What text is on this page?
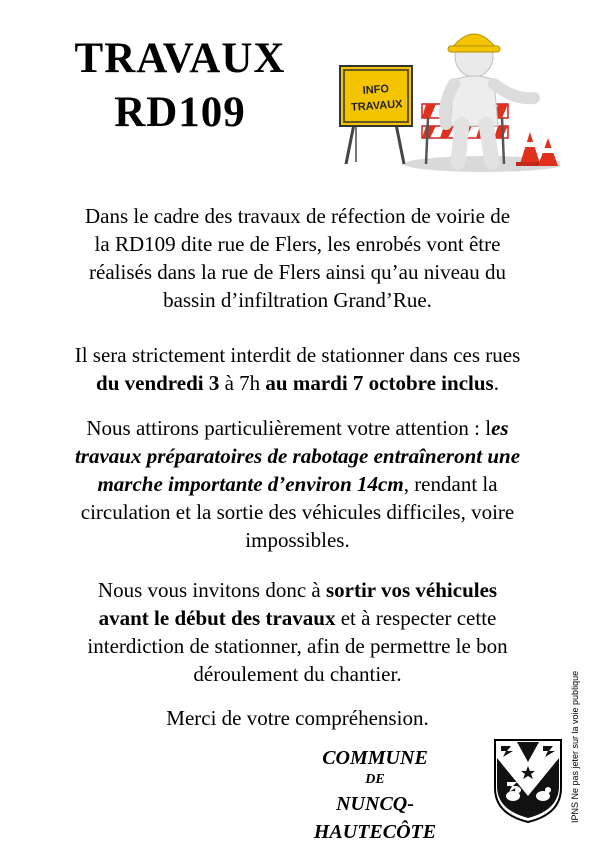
TRAVAUX
RD109	INFO
TRAVAUX
Dans le cadre des travaux de réfection de voirie de
la RD109 dite rue de Flers, les enrobés vont être
réalisés dans la rue de Flers ainsi qu’au niveau du
bassin d’infiltration Grand’Rue.
Il sera strictement interdit de stationner dans ces rues
du vendredi 3 à 7h au mardi 7 octobre inclus.
Nous attirons particulièrement votre attention : les
travaux préparatoires de rabotage entraîneront une
marche importante d’environ 14cm, rendant la
circulation et la sortie des véhicules difficiles, voire
impossibles.
Nous vous invitons donc à sortir vos véhicules
avant le début des travaux et à respecter cette
interdiction de stationner, afin de permettre le bon
déroulement du chantier.
Merci de votre compréhension.
COMMUNE
DE
NUNCQ-HAUTECÔTE
IPNS Ne pas jeter sur la voie publique
